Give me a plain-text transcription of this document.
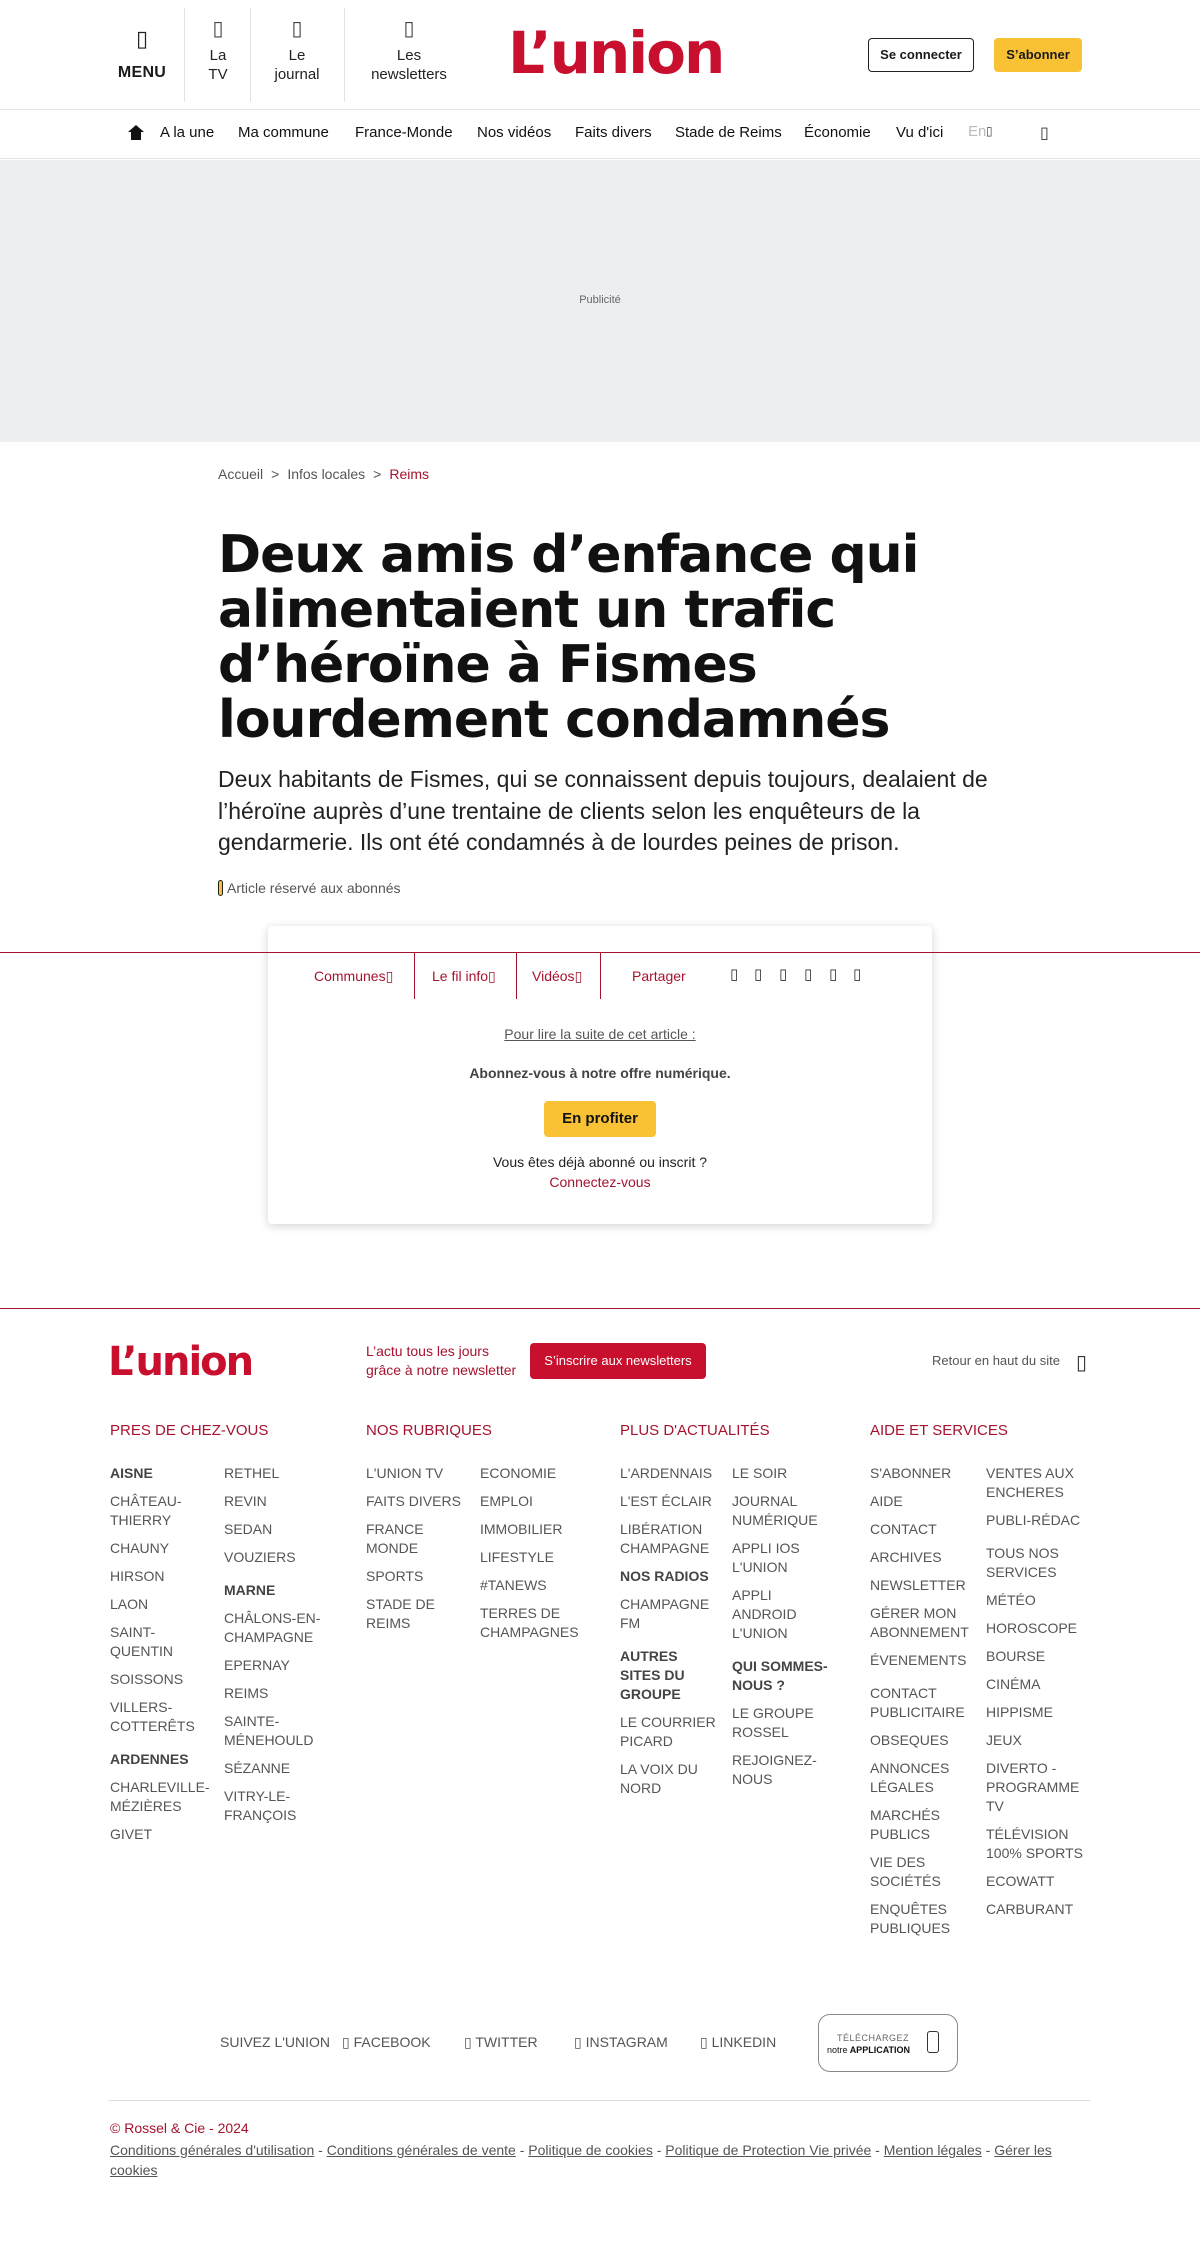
▯
MENU
▯
La TV
▯
Le journal
▯
Les newsletters L’union	Se connecter	S’abonner
A la une Ma commune France-Monde Nos vidéos Faits divers Stade de Reims Économie Vu d'ici En ▯	▯
Publicité
Accueil > Infos locales > Reims
Deux amis d’enfance qui alimentaient un trafic d’héroïne à Fismes lourdement condamnés

Deux habitants de Fismes, qui se connaissent depuis toujours, dealaient de l’héroïne auprès d’une trentaine de clients selon les enquêteurs de la gendarmerie. Ils ont été condamnés à de lourdes peines de prison.

Article réservé aux abonnés
Pour lire la suite de cet article :
Abonnez-vous à notre offre numérique.
En profiter
Vous êtes déjà abonné ou inscrit ?
Connectez-vous
Communes▯	Le fil info▯	Vidéos▯	Partager	▯ ▯ ▯ ▯ ▯ ▯
L’union	L’actu tous les jours
grâce à notre newsletter
S’inscrire aux newsletters	Retour en haut du site ▯
PRES DE CHEZ-VOUS
AISNE
CHÂTEAU-THIERRY
CHAUNY
HIRSON
LAON
SAINT-QUENTIN
SOISSONS
VILLERS-COTTERÊTS
ARDENNES
CHARLEVILLE-MÉZIÈRES
GIVET
RETHEL
REVIN
SEDAN
VOUZIERS
MARNE
CHÂLONS-EN-CHAMPAGNE
EPERNAY
REIMS
SAINTE-MÉNEHOULD
SÉZANNE
VITRY-LE-FRANÇOIS
NOS RUBRIQUES
L'UNION TV
FAITS DIVERS
FRANCE MONDE
SPORTS
STADE DE REIMS
ECONOMIE
EMPLOI
IMMOBILIER
LIFESTYLE
#TANEWS
TERRES DE CHAMPAGNES
PLUS D'ACTUALITÉS
L'ARDENNAIS
L'EST ÉCLAIR
LIBÉRATION CHAMPAGNE
NOS RADIOS
CHAMPAGNE FM
AUTRES SITES DU GROUPE
LE COURRIER PICARD
LA VOIX DU NORD
LE SOIR
JOURNAL NUMÉRIQUE
APPLI IOS L'UNION
APPLI ANDROID L'UNION
QUI SOMMES-NOUS ?
LE GROUPE ROSSEL
REJOIGNEZ-NOUS
AIDE ET SERVICES
S'ABONNER
AIDE
CONTACT
ARCHIVES
NEWSLETTER
GÉRER MON ABONNEMENT
ÉVENEMENTS
CONTACT PUBLICITAIRE
OBSEQUES
ANNONCES LÉGALES
MARCHÉS PUBLICS
VIE DES SOCIÉTÉS
ENQUÊTES PUBLIQUES
VENTES AUX ENCHERES
PUBLI-RÉDAC
TOUS NOS SERVICES
MÉTÉO
HOROSCOPE
BOURSE
CINÉMA
HIPPISME
JEUX
DIVERTO - PROGRAMME TV
TÉLÉVISION 100% SPORTS
ECOWATT
CARBURANT
SUIVEZ L'UNION ▯ FACEBOOK ▯ TWITTER	▯ INSTAGRAM ▯ LINKEDIN	TÉLÉCHARGEZ
notre APPLICATION
© Rossel & Cie - 2024
Conditions générales d'utilisation - Conditions générales de vente - Politique de cookies - Politique de Protection Vie privée - Mention légales - Gérer les cookies
